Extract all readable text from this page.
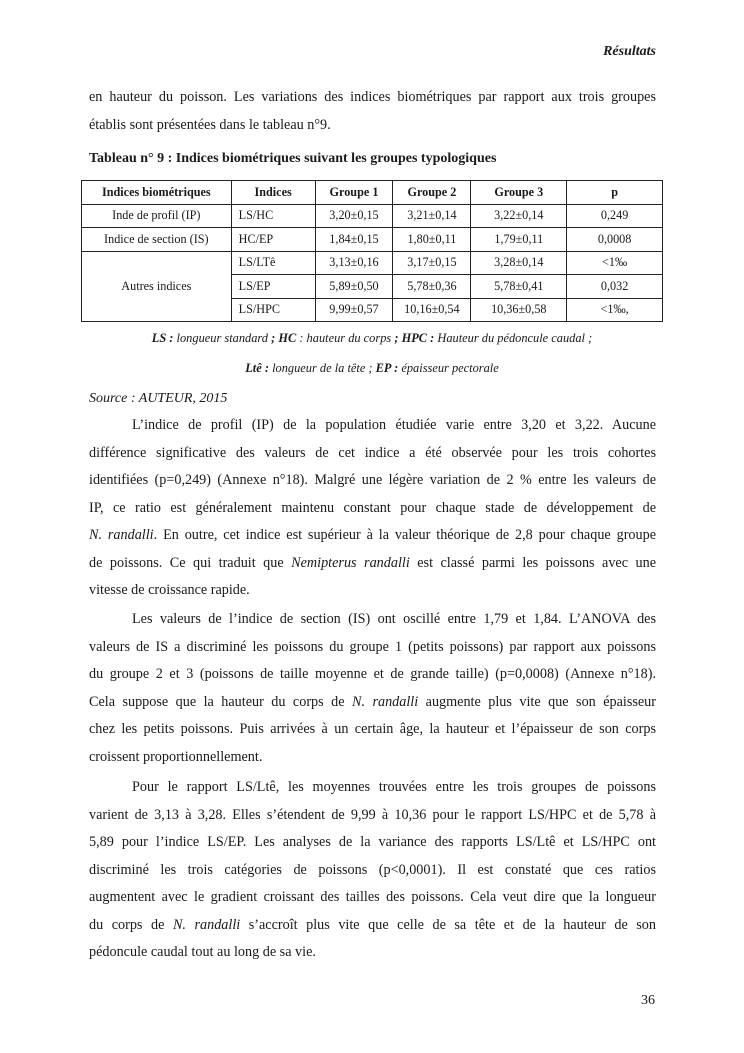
Résultats
en hauteur du poisson. Les variations des indices biométriques par rapport aux trois groupes
établis sont présentées dans le tableau n°9.
Tableau n° 9 : Indices biométriques suivant les groupes typologiques
Indices biométriques	Indices	Groupe 1	Groupe 2	Groupe 3	p
Inde de profil (IP)	LS/HC	3,20±0,15	3,21±0,14	3,22±0,14	0,249
Indice de section (IS)	HC/EP	1,84±0,15	1,80±0,11	1,79±0,11	0,0008
Autres indices	LS/LTê	3,13±0,16	3,17±0,15	3,28±0,14	<1‰
	LS/EP	5,89±0,50	5,78±0,36	5,78±0,41	0,032
	LS/HPC	9,99±0,57	10,16±0,54	10,36±0,58	<1‰,
LS : longueur standard ; HC : hauteur du corps ; HPC : Hauteur du pédoncule caudal ;
Ltê : longueur de la tête ; EP : épaisseur pectorale
Source : AUTEUR, 2015
L’indice de profil (IP) de la population étudiée varie entre 3,20 et 3,22. Aucune
différence significative des valeurs de cet indice a été observée pour les trois cohortes
identifiées (p=0,249) (Annexe n°18). Malgré une légère variation de 2 % entre les valeurs de
IP, ce ratio est généralement maintenu constant pour chaque stade de développement de
N. randalli. En outre, cet indice est supérieur à la valeur théorique de 2,8 pour chaque groupe
de poissons. Ce qui traduit que Nemipterus randalli est classé parmi les poissons avec une
vitesse de croissance rapide.
Les valeurs de l’indice de section (IS) ont oscillé entre 1,79 et 1,84. L’ANOVA des
valeurs de IS a discriminé les poissons du groupe 1 (petits poissons) par rapport aux poissons
du groupe 2 et 3 (poissons de taille moyenne et de grande taille) (p=0,0008) (Annexe n°18).
Cela suppose que la hauteur du corps de N. randalli augmente plus vite que son épaisseur
chez les petits poissons. Puis arrivées à un certain âge, la hauteur et l’épaisseur de son corps
croissent proportionnellement.
Pour le rapport LS/Ltê, les moyennes trouvées entre les trois groupes de poissons
varient de 3,13 à 3,28. Elles s’étendent de 9,99 à 10,36 pour le rapport LS/HPC et de 5,78 à
5,89 pour l’indice LS/EP. Les analyses de la variance des rapports LS/Ltê et LS/HPC ont
discriminé les trois catégories de poissons (p<0,0001). Il est constaté que ces ratios
augmentent avec le gradient croissant des tailles des poissons. Cela veut dire que la longueur
du corps de N. randalli s’accroît plus vite que celle de sa tête et de la hauteur de son
pédoncule caudal tout au long de sa vie.
36
